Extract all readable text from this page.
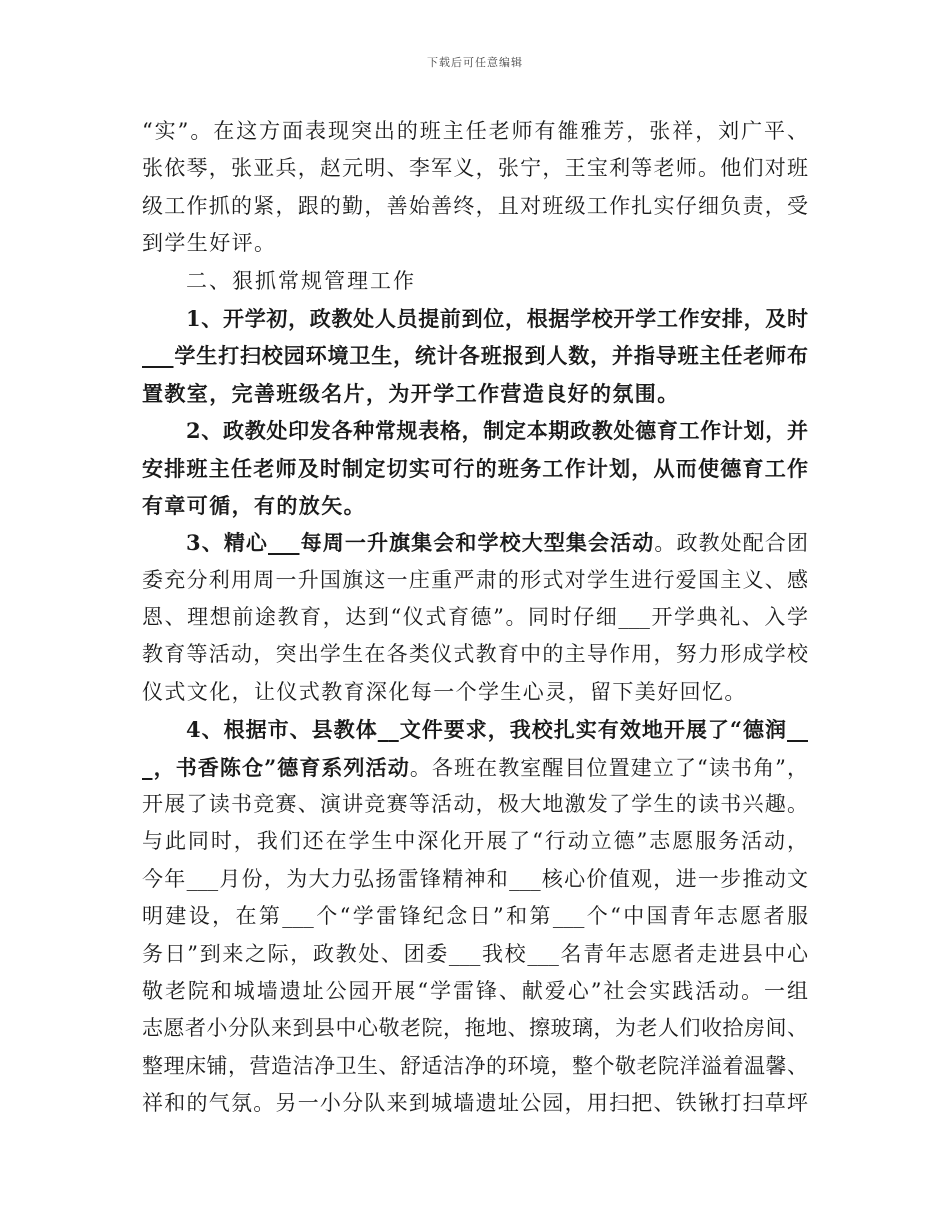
下载后可任意编辑
“实”。在这方面表现突出的班主任老师有雒雅芳，张祥，刘广平、
张依琴，张亚兵，赵元明、李军义，张宁，王宝利等老师。他们对班
级工作抓的紧，跟的勤，善始善终，且对班级工作扎实仔细负责，受
到学生好评。
二、狠抓常规管理工作
1、开学初，政教处人员提前到位，根据学校开学工作安排，及时
___学生打扫校园环境卫生，统计各班报到人数，并指导班主任老师布
置教室，完善班级名片，为开学工作营造良好的氛围。
2、政教处印发各种常规表格，制定本期政教处德育工作计划，并
安排班主任老师及时制定切实可行的班务工作计划，从而使德育工作
有章可循，有的放矢。
3、精心___每周一升旗集会和学校大型集会活动。政教处配合团
委充分利用周一升国旗这一庄重严肃的形式对学生进行爱国主义、感
恩、理想前途教育，达到“仪式育德”。同时仔细___开学典礼、入学
教育等活动，突出学生在各类仪式教育中的主导作用，努力形成学校
仪式文化，让仪式教育深化每一个学生心灵，留下美好回忆。
4、根据市、县教体__文件要求，我校扎实有效地开展了“德润__
_，书香陈仓”德育系列活动。各班在教室醒目位置建立了“读书角”，
开展了读书竞赛、演讲竞赛等活动，极大地激发了学生的读书兴趣。
与此同时，我们还在学生中深化开展了“行动立德”志愿服务活动，
今年___月份，为大力弘扬雷锋精神和___核心价值观，进一步推动文
明建设，在第___个“学雷锋纪念日”和第___个“中国青年志愿者服
务日”到来之际，政教处、团委___我校___名青年志愿者走进县中心
敬老院和城墙遗址公园开展“学雷锋、献爱心”社会实践活动。一组
志愿者小分队来到县中心敬老院，拖地、擦玻璃，为老人们收拾房间、
整理床铺，营造洁净卫生、舒适洁净的环境，整个敬老院洋溢着温馨、
祥和的气氛。另一小分队来到城墙遗址公园，用扫把、铁锹打扫草坪
